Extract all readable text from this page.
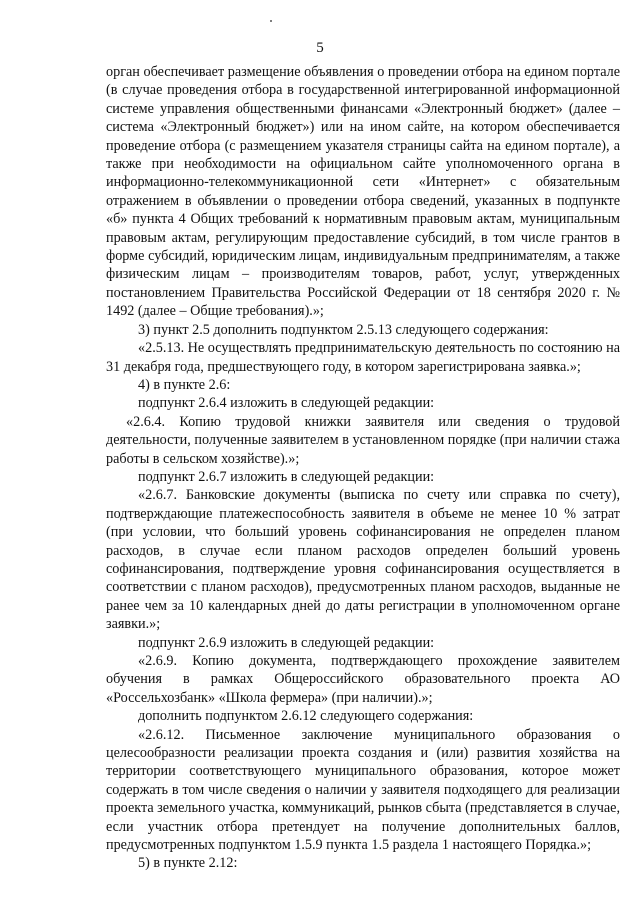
5

орган обеспечивает размещение объявления о проведении отбора на едином портале (в случае проведения отбора в государственной интегрированной информационной системе управления общественными финансами «Электронный бюджет» (далее – система «Электронный бюджет») или на ином сайте, на котором обеспечивается проведение отбора (с размещением указателя страницы сайта на едином портале), а также при необходимости на официальном сайте уполномоченного органа в информационно-телекоммуникационной сети «Интернет» с обязательным отражением в объявлении о проведении отбора сведений, указанных в подпункте «б» пункта 4 Общих требований к нормативным правовым актам, муниципальным правовым актам, регулирующим предоставление субсидий, в том числе грантов в форме субсидий, юридическим лицам, индивидуальным предпринимателям, а также физическим лицам – производителям товаров, работ, услуг, утвержденных постановлением Правительства Российской Федерации от 18 сентября 2020 г. № 1492 (далее – Общие требования).»;

3) пункт 2.5 дополнить подпунктом 2.5.13 следующего содержания:

«2.5.13. Не осуществлять предпринимательскую деятельность по состоянию на 31 декабря года, предшествующего году, в котором зарегистрирована заявка.»;

4) в пункте 2.6:

подпункт 2.6.4 изложить в следующей редакции:

«2.6.4. Копию трудовой книжки заявителя или сведения о трудовой деятельности, полученные заявителем в установленном порядке (при наличии стажа работы в сельском хозяйстве).»;

подпункт 2.6.7 изложить в следующей редакции:

«2.6.7. Банковские документы (выписка по счету или справка по счету), подтверждающие платежеспособность заявителя в объеме не менее 10 % затрат (при условии, что больший уровень софинансирования не определен планом расходов, в случае если планом расходов определен больший уровень софинансирования, подтверждение уровня софинансирования осуществляется в соответствии с планом расходов), предусмотренных планом расходов, выданные не ранее чем за 10 календарных дней до даты регистрации в уполномоченном органе заявки.»;

подпункт 2.6.9 изложить в следующей редакции:

«2.6.9. Копию документа, подтверждающего прохождение заявителем обучения в рамках Общероссийского образовательного проекта АО «Россельхозбанк» «Школа фермера» (при наличии).»;

дополнить подпунктом 2.6.12 следующего содержания:

«2.6.12. Письменное заключение муниципального образования о целесообразности реализации проекта создания и (или) развития хозяйства на территории соответствующего муниципального образования, которое может содержать в том числе сведения о наличии у заявителя подходящего для реализации проекта земельного участка, коммуникаций, рынков сбыта (представляется в случае, если участник отбора претендует на получение дополнительных баллов, предусмотренных подпунктом 1.5.9 пункта 1.5 раздела 1 настоящего Порядка.»;

5) в пункте 2.12:
